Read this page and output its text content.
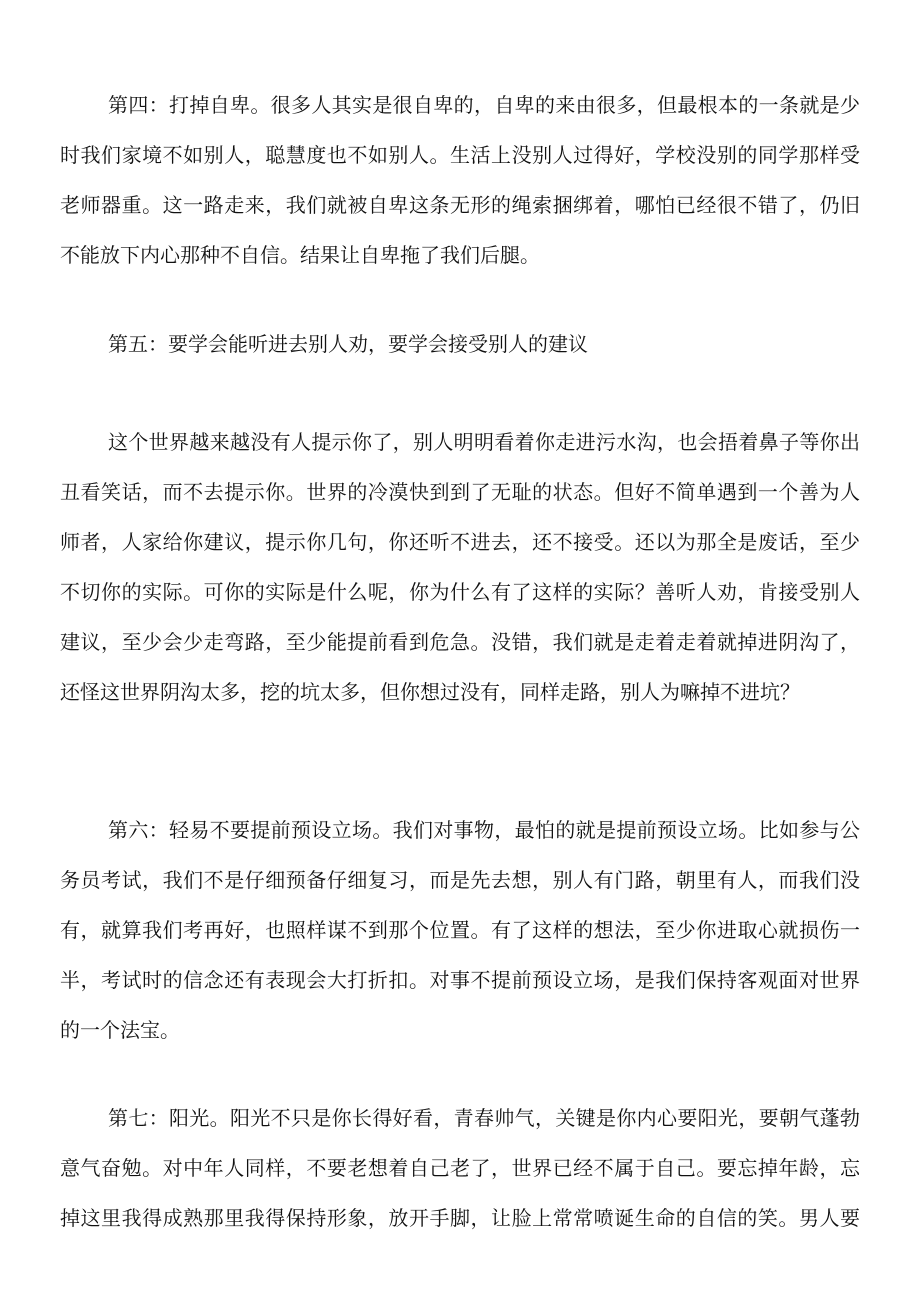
第四：打掉自卑。很多人其实是很自卑的，自卑的来由很多，但最根本的一条就是少
时我们家境不如别人，聪慧度也不如别人。生活上没别人过得好，学校没别的同学那样受
老师器重。这一路走来，我们就被自卑这条无形的绳索捆绑着，哪怕已经很不错了，仍旧
不能放下内心那种不自信。结果让自卑拖了我们后腿。
第五：要学会能听进去别人劝，要学会接受别人的建议
这个世界越来越没有人提示你了，别人明明看着你走进污水沟，也会捂着鼻子等你出
丑看笑话，而不去提示你。世界的冷漠快到到了无耻的状态。但好不简单遇到一个善为人
师者，人家给你建议，提示你几句，你还听不进去，还不接受。还以为那全是废话，至少
不切你的实际。可你的实际是什么呢，你为什么有了这样的实际？善听人劝，肯接受别人
建议，至少会少走弯路，至少能提前看到危急。没错，我们就是走着走着就掉进阴沟了，
还怪这世界阴沟太多，挖的坑太多，但你想过没有，同样走路，别人为嘛掉不进坑？
第六：轻易不要提前预设立场。我们对事物，最怕的就是提前预设立场。比如参与公
务员考试，我们不是仔细预备仔细复习，而是先去想，别人有门路，朝里有人，而我们没
有，就算我们考再好，也照样谋不到那个位置。有了这样的想法，至少你进取心就损伤一
半，考试时的信念还有表现会大打折扣。对事不提前预设立场，是我们保持客观面对世界
的一个法宝。
第七：阳光。阳光不只是你长得好看，青春帅气，关键是你内心要阳光，要朝气蓬勃
意气奋勉。对中年人同样，不要老想着自己老了，世界已经不属于自己。要忘掉年龄，忘
掉这里我得成熟那里我得保持形象，放开手脚，让脸上常常喷诞生命的自信的笑。男人要
